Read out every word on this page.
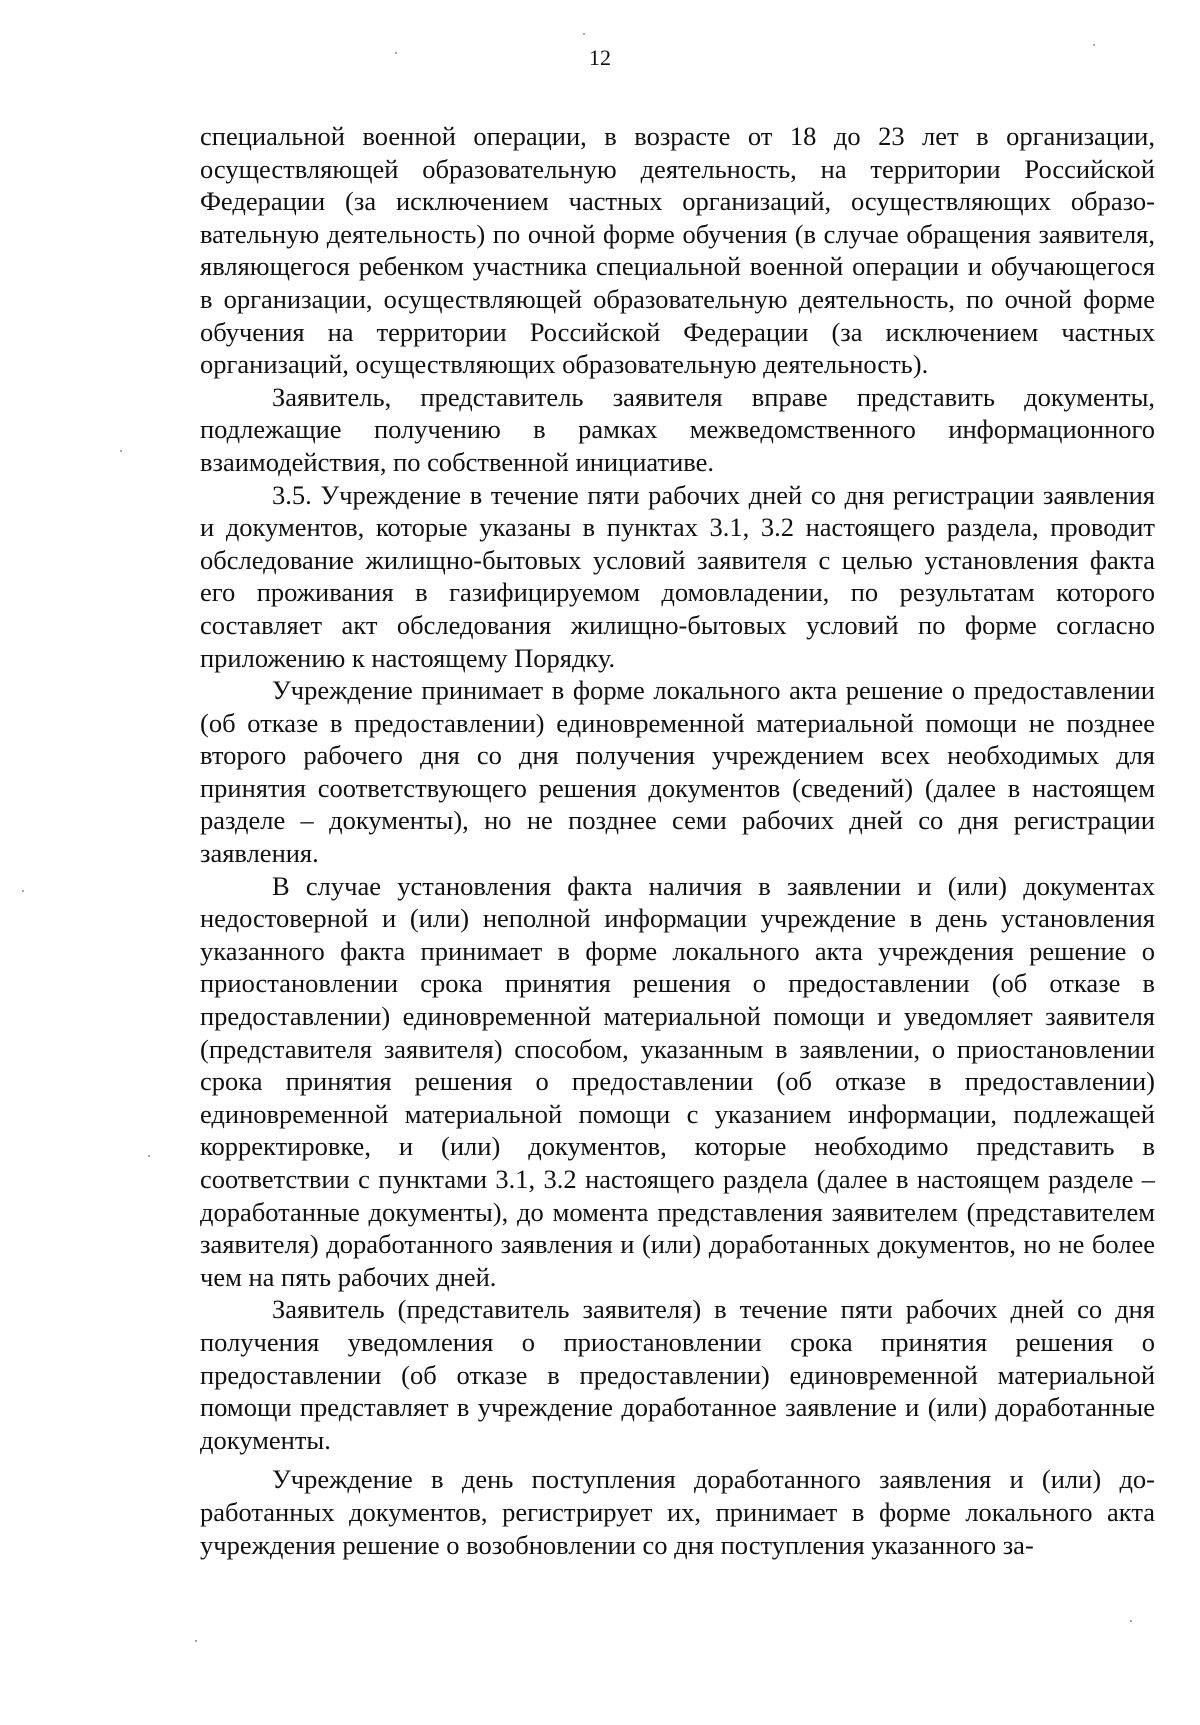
12

специальной военной операции, в возрасте от 18 до 23 лет в организации, осуществляющей образовательную деятельность, на территории Российской Федерации (за исключением частных организаций, осуществляющих образовательную деятельность) по очной форме обучения (в случае обращения заявителя, являющегося ребенком участника специальной военной операции и обучающегося в организации, осуществляющей образовательную деятельность, по очной форме обучения на территории Российской Федерации (за исключением частных организаций, осуществляющих образовательную деятельность).

Заявитель, представитель заявителя вправе представить документы, подлежащие получению в рамках межведомственного информационного взаимодействия, по собственной инициативе.

3.5. Учреждение в течение пяти рабочих дней со дня регистрации заявления и документов, которые указаны в пунктах 3.1, 3.2 настоящего раздела, проводит обследование жилищно-бытовых условий заявителя с целью установления факта его проживания в газифицируемом домовладении, по результатам которого составляет акт обследования жилищно-бытовых условий по форме согласно приложению к настоящему Порядку.

Учреждение принимает в форме локального акта решение о предоставлении (об отказе в предоставлении) единовременной материальной помощи не позднее второго рабочего дня со дня получения учреждением всех необходимых для принятия соответствующего решения документов (сведений) (далее в настоящем разделе – документы), но не позднее семи рабочих дней со дня регистрации заявления.

В случае установления факта наличия в заявлении и (или) документах недостоверной и (или) неполной информации учреждение в день установления указанного факта принимает в форме локального акта учреждения решение о приостановлении срока принятия решения о предоставлении (об отказе в предоставлении) единовременной материальной помощи и уведомляет заявителя (представителя заявителя) способом, указанным в заявлении, о приостановлении срока принятия решения о предоставлении (об отказе в предоставлении) единовременной материальной помощи с указанием информации, подлежащей корректировке, и (или) документов, которые необходимо представить в соответствии с пунктами 3.1, 3.2 настоящего раздела (далее в настоящем разделе – доработанные документы), до момента представления заявителем (представителем заявителя) доработанного заявления и (или) доработанных документов, но не более чем на пять рабочих дней.

Заявитель (представитель заявителя) в течение пяти рабочих дней со дня получения уведомления о приостановлении срока принятия решения о предоставлении (об отказе в предоставлении) единовременной материальной помощи представляет в учреждение доработанное заявление и (или) доработанные документы.

Учреждение в день поступления доработанного заявления и (или) доработанных документов, регистрирует их, принимает в форме локального акта учреждения решение о возобновлении со дня поступления указанного за-
